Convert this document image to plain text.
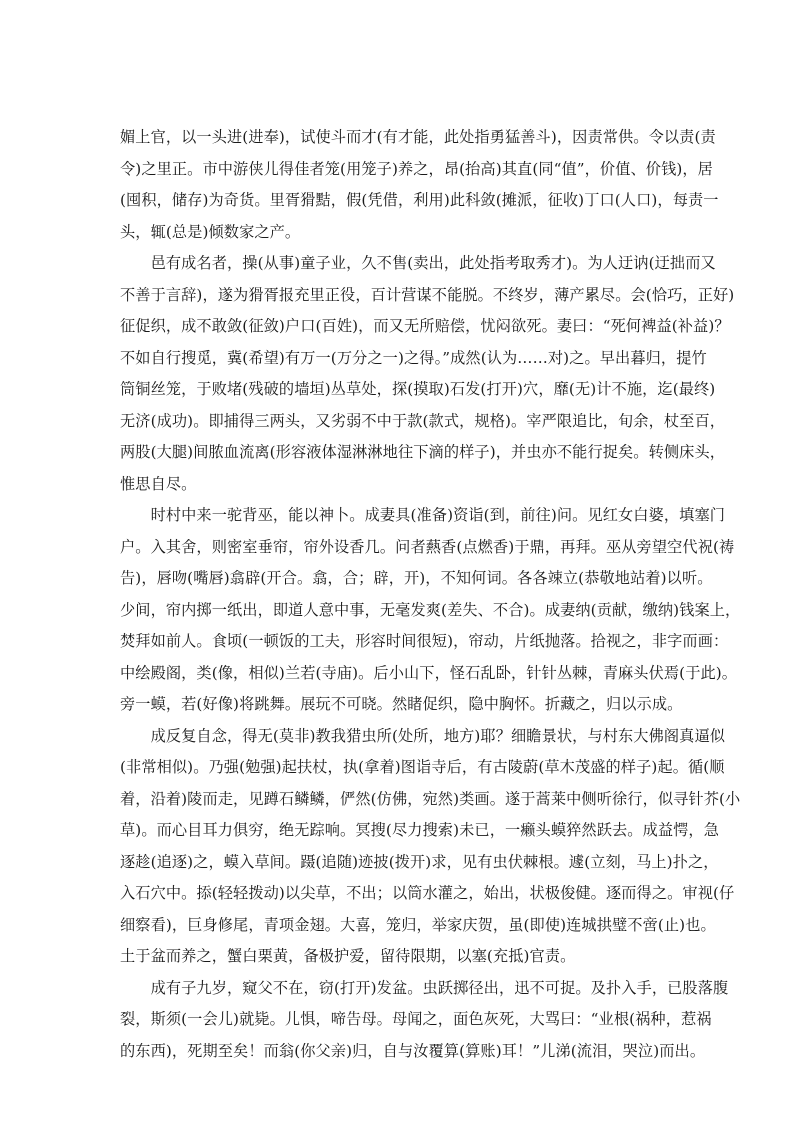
媚上官，以一头进(进奉)，试使斗而才(有才能，此处指勇猛善斗)，因责常供。令以责(责
令)之里正。市中游侠儿得佳者笼(用笼子)养之，昂(抬高)其直(同“值”，价值、价钱)，居
(囤积，储存)为奇货。里胥猾黠，假(凭借，利用)此科敛(摊派，征收)丁口(人口)，每责一
头，辄(总是)倾数家之产。
　　邑有成名者，操(从事)童子业，久不售(卖出，此处指考取秀才)。为人迂讷(迂拙而又
不善于言辞)，遂为猾胥报充里正役，百计营谋不能脱。不终岁，薄产累尽。会(恰巧，正好)
征促织，成不敢敛(征敛)户口(百姓)，而又无所赔偿，忧闷欲死。妻曰：“死何裨益(补益)？
不如自行搜觅，冀(希望)有万一(万分之一)之得。”成然(认为……对)之。早出暮归，提竹
筒铜丝笼，于败堵(残破的墙垣)丛草处，探(摸取)石发(打开)穴，靡(无)计不施，迄(最终)
无济(成功)。即捕得三两头，又劣弱不中于款(款式，规格)。宰严限追比，旬余，杖至百，
两股(大腿)间脓血流离(形容液体湿淋淋地往下滴的样子)，并虫亦不能行捉矣。转侧床头，
惟思自尽。
　　时村中来一驼背巫，能以神卜。成妻具(准备)资诣(到，前往)问。见红女白婆，填塞门
户。入其舍，则密室垂帘，帘外设香几。问者爇香(点燃香)于鼎，再拜。巫从旁望空代祝(祷
告)，唇吻(嘴唇)翕辟(开合。翕，合；辟，开)，不知何词。各各竦立(恭敬地站着)以听。
少间，帘内掷一纸出，即道人意中事，无毫发爽(差失、不合)。成妻纳(贡献，缴纳)钱案上，
焚拜如前人。食顷(一顿饭的工夫，形容时间很短)，帘动，片纸抛落。拾视之，非字而画：
中绘殿阁，类(像，相似)兰若(寺庙)。后小山下，怪石乱卧，针针丛棘，青麻头伏焉(于此)。
旁一蟆，若(好像)将跳舞。展玩不可晓。然睹促织，隐中胸怀。折藏之，归以示成。
　　成反复自念，得无(莫非)教我猎虫所(处所，地方)耶？细瞻景状，与村东大佛阁真逼似
(非常相似)。乃强(勉强)起扶杖，执(拿着)图诣寺后，有古陵蔚(草木茂盛的样子)起。循(顺
着，沿着)陵而走，见蹲石鳞鳞，俨然(仿佛，宛然)类画。遂于蒿莱中侧听徐行，似寻针芥(小
草)。而心目耳力俱穷，绝无踪响。冥搜(尽力搜索)未已，一癞头蟆猝然跃去。成益愕，急
逐趁(追逐)之，蟆入草间。蹑(追随)迹披(拨开)求，见有虫伏棘根。遽(立刻，马上)扑之，
入石穴中。掭(轻轻拨动)以尖草，不出；以筒水灌之，始出，状极俊健。逐而得之。审视(仔
细察看)，巨身修尾，青项金翅。大喜，笼归，举家庆贺，虽(即使)连城拱璧不啻(止)也。
土于盆而养之，蟹白栗黄，备极护爱，留待限期，以塞(充抵)官责。
　　成有子九岁，窥父不在，窃(打开)发盆。虫跃掷径出，迅不可捉。及扑入手，已股落腹
裂，斯须(一会儿)就毙。儿惧，啼告母。母闻之，面色灰死，大骂曰：“业根(祸种，惹祸
的东西)，死期至矣！而翁(你父亲)归，自与汝覆算(算账)耳！”儿涕(流泪，哭泣)而出。
